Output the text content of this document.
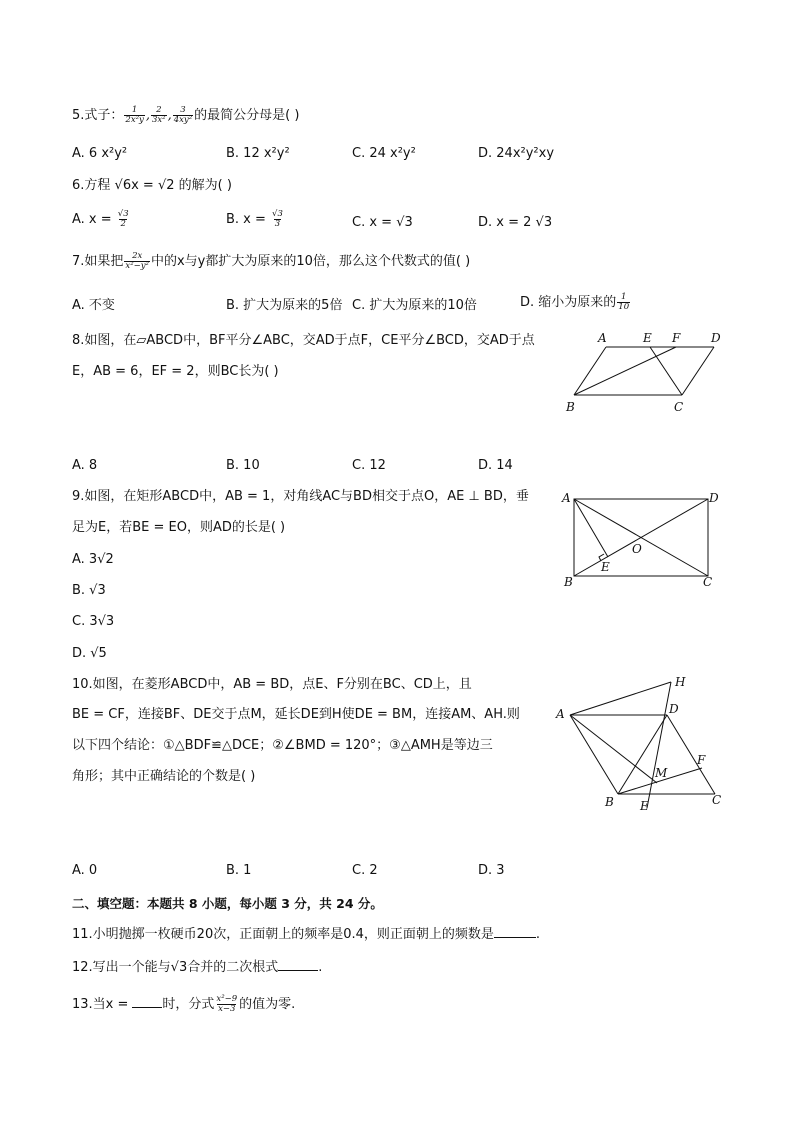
5.式子： $\frac{1}{\text{2x²y}}$ , $\frac{2}{\text{3x²}}$ , $\frac{3}{\text{4xy²}}$ 的最简公分母是( )
A. 6 x²y²	B. 12 x²y²	C. 24 x²y²	D. 24x²y²xy
6.方程 √6x = √2 的解为( )
A. $x = \frac{√3}{2}$	B. $x = \frac{√3}{3}$	C. x = √3	D. x = 2 √3
7.如果把 $\frac{2x}{\text{x²−y²}}$ 中的x与y都扩大为原来的10倍，那么这个代数式的值( )
A. 不变	B. 扩大为原来的5倍 C. 扩大为原来的10倍	D. 缩小为原来的 $\frac{1}{10}$
8.如图，在▱ABCD中，BF平分∠ABC，交AD于点F，CE平分∠BCD，交AD于点
E，AB = 6，EF = 2，则BC长为( )
A	E F	D
B	C
A. 8	B. 10	C. 12	D. 14
9.如图，在矩形ABCD中，AB = 1，对角线AC与BD相交于点O，AE ⊥ BD，垂
足为E，若BE = EO，则AD的长是( )
A. 3√2
B. √3
C. 3√3
D. √5
A	D
O
E
B	C
10.如图，在菱形ABCD中，AB = BD，点E、F分别在BC、CD上，且
BE = CF，连接BF、DE交于点M，延长DE到H使DE = BM，连接AM、AH.则
以下四个结论：①△BDF≌△DCE；②∠BMD = 120°；③△AMH是等边三
角形；其中正确结论的个数是( )
H
A	D
F
M
B E	C
A. 0	B. 1	C. 2	D. 3
二、填空题：本题共 8 小题，每小题 3 分，共 24 分。
11.小明抛掷一枚硬币20次，正面朝上的频率是0.4，则正面朝上的频数是	.
12.写出一个能与√3合并的二次根式	.
13.当x =	时，分式 $\frac{\text{x²−9}}{x-3}$ 的值为零.
